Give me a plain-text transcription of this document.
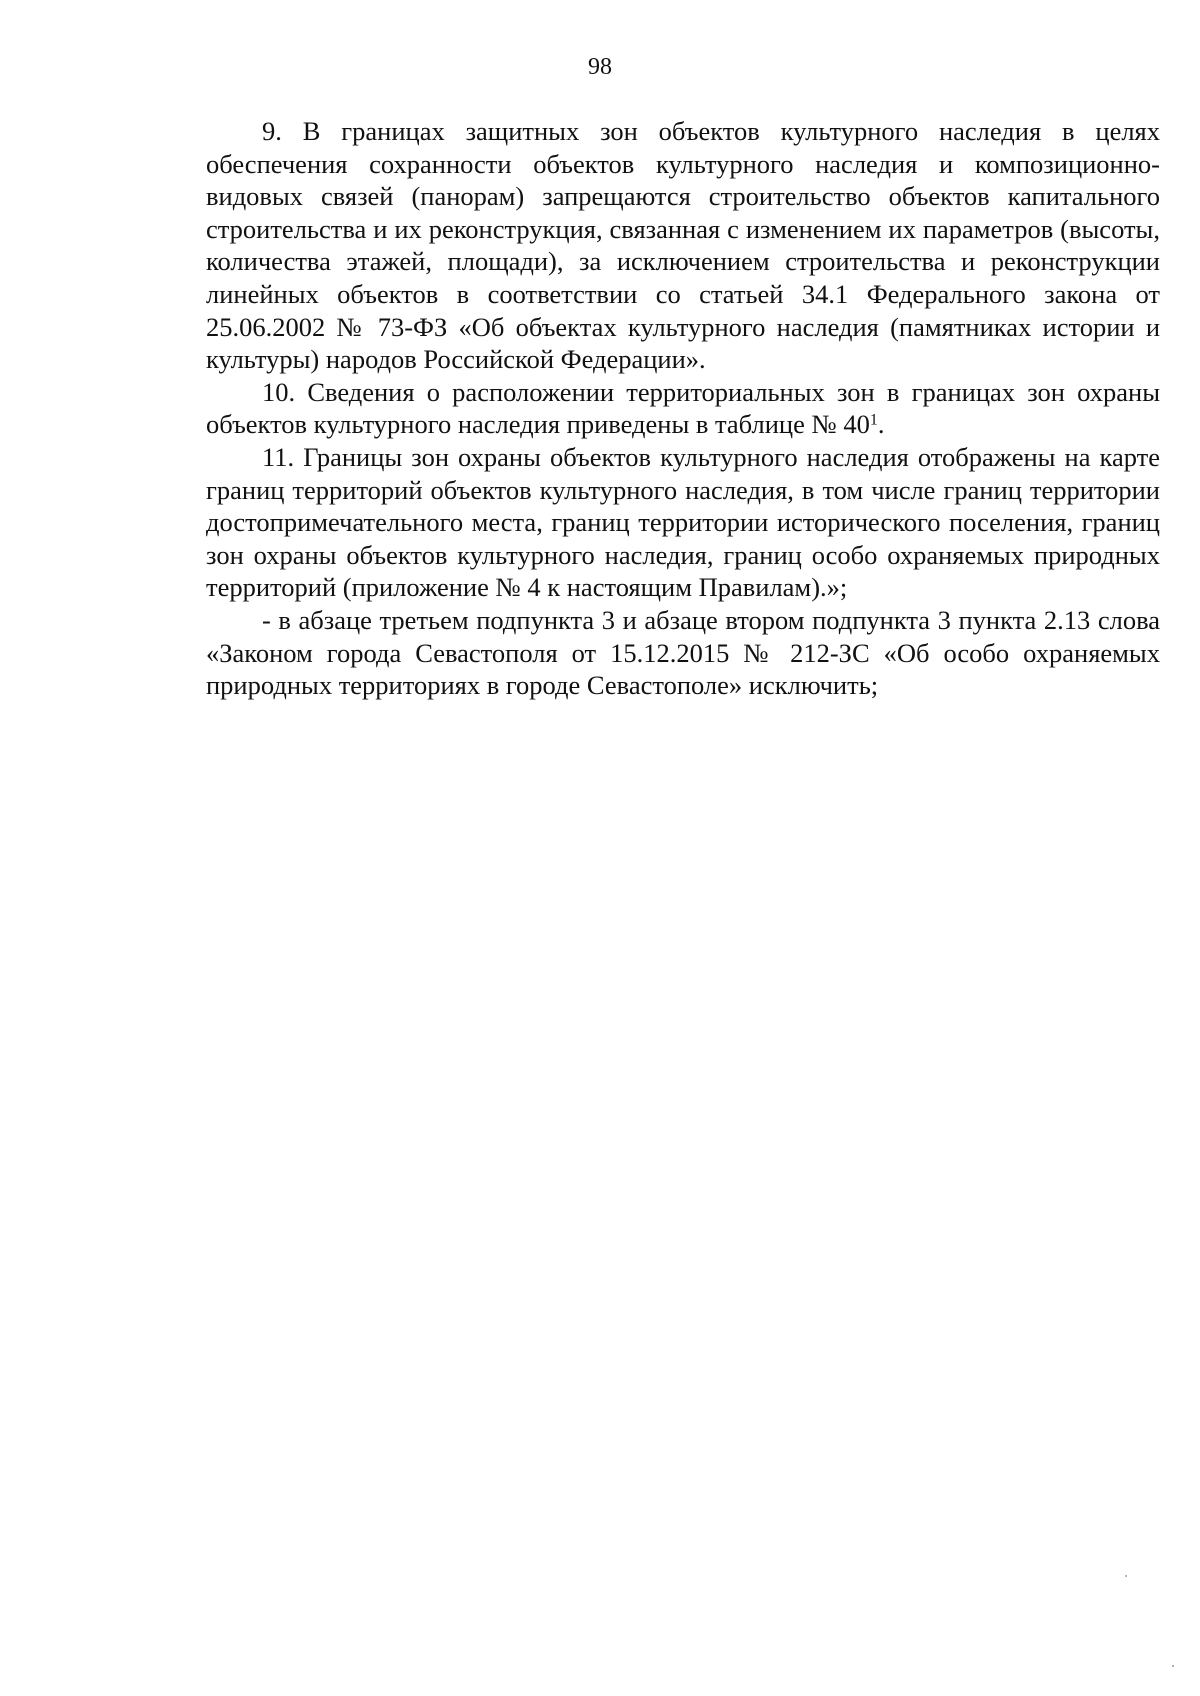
98

9. В границах защитных зон объектов культурного наследия в целях обеспечения сохранности объектов культурного наследия и композиционно-видовых связей (панорам) запрещаются строительство объектов капитального строительства и их реконструкция, связанная с изменением их параметров (высоты, количества этажей, площади), за исключением строительства и реконструкции линейных объектов в соответствии со статьей 34.1 Федерального закона от 25.06.2002 № 73-ФЗ «Об объектах культурного наследия (памятниках истории и культуры) народов Российской Федерации».

10. Сведения о расположении территориальных зон в границах зон охраны объектов культурного наследия приведены в таблице № $40^1$.

11. Границы зон охраны объектов культурного наследия отображены на карте границ территорий объектов культурного наследия, в том числе границ территории достопримечательного места, границ территории исторического поселения, границ зон охраны объектов культурного наследия, границ особо охраняемых природных территорий (приложение № 4 к настоящим Правилам).»;

- в абзаце третьем подпункта 3 и абзаце втором подпункта 3 пункта 2.13 слова «Законом города Севастополя от 15.12.2015 № 212-ЗС «Об особо охраняемых природных территориях в городе Севастополе» исключить;
